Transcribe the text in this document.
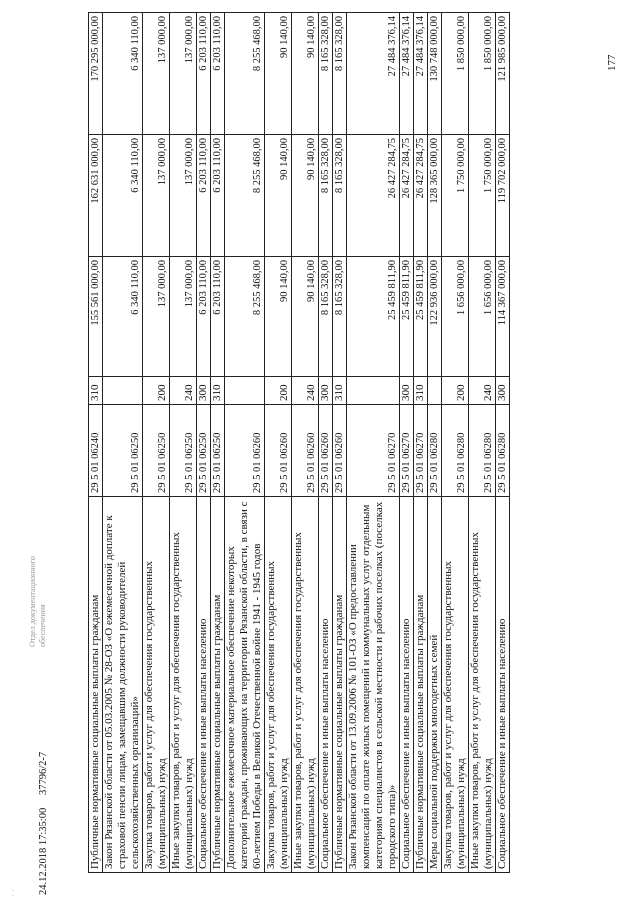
· · 24.12.2018 17:35:00
37796/2-7
Отдел документационного обеспечения
177
Публичные нормативные социальные выплаты гражданам	29 5 01 06240	310	155 561 000,00	162 631 000,00	170 295 000,00
Закон Рязанской области от 05.03.2005 № 28-ОЗ «О ежемесячной доплате к страховой пенсии лицам, замещавшим должности руководителей сельскохозяйственных организаций»	29 5 01 06250		6 340 110,00	6 340 110,00	6 340 110,00
Закупка товаров, работ и услуг для обеспечения государственных (муниципальных) нужд	29 5 01 06250	200	137 000,00	137 000,00	137 000,00
Иные закупки товаров, работ и услуг для обеспечения государственных (муниципальных) нужд	29 5 01 06250	240	137 000,00	137 000,00	137 000,00
Социальное обеспечение и иные выплаты населению	29 5 01 06250	300	6 203 110,00	6 203 110,00	6 203 110,00
Публичные нормативные социальные выплаты гражданам	29 5 01 06250	310	6 203 110,00	6 203 110,00	6 203 110,00
Дополнительное ежемесячное материальное обеспечение некоторых категорий граждан, проживающих на территории Рязанской области, в связи с 60-летием Победы в Великой Отечественной войне 1941 - 1945 годов	29 5 01 06260		8 255 468,00	8 255 468,00	8 255 468,00
Закупка товаров, работ и услуг для обеспечения государственных (муниципальных) нужд	29 5 01 06260	200	90 140,00	90 140,00	90 140,00
Иные закупки товаров, работ и услуг для обеспечения государственных (муниципальных) нужд	29 5 01 06260	240	90 140,00	90 140,00	90 140,00
Социальное обеспечение и иные выплаты населению	29 5 01 06260	300	8 165 328,00	8 165 328,00	8 165 328,00
Публичные нормативные социальные выплаты гражданам	29 5 01 06260	310	8 165 328,00	8 165 328,00	8 165 328,00
Закон Рязанской области от 13.09.2006 № 101-ОЗ «О предоставлении компенсаций по оплате жилых помещений и коммунальных услуг отдельным категориям специалистов в сельской местности и рабочих поселках (поселках городского типа)»	29 5 01 06270		25 459 811,90	26 427 284,75	27 484 376,14
Социальное обеспечение и иные выплаты населению	29 5 01 06270	300	25 459 811,90	26 427 284,75	27 484 376,14
Публичные нормативные социальные выплаты гражданам	29 5 01 06270	310	25 459 811,90	26 427 284,75	27 484 376,14
Меры социальной поддержки многодетных семей	29 5 01 06280		122 936 000,00	128 365 000,00	130 748 000,00
Закупка товаров, работ и услуг для обеспечения государственных (муниципальных) нужд	29 5 01 06280	200	1 656 000,00	1 750 000,00	1 850 000,00
Иные закупки товаров, работ и услуг для обеспечения государственных (муниципальных) нужд	29 5 01 06280	240	1 656 000,00	1 750 000,00	1 850 000,00
Социальное обеспечение и иные выплаты населению	29 5 01 06280	300	114 367 000,00	119 702 000,00	121 985 000,00
